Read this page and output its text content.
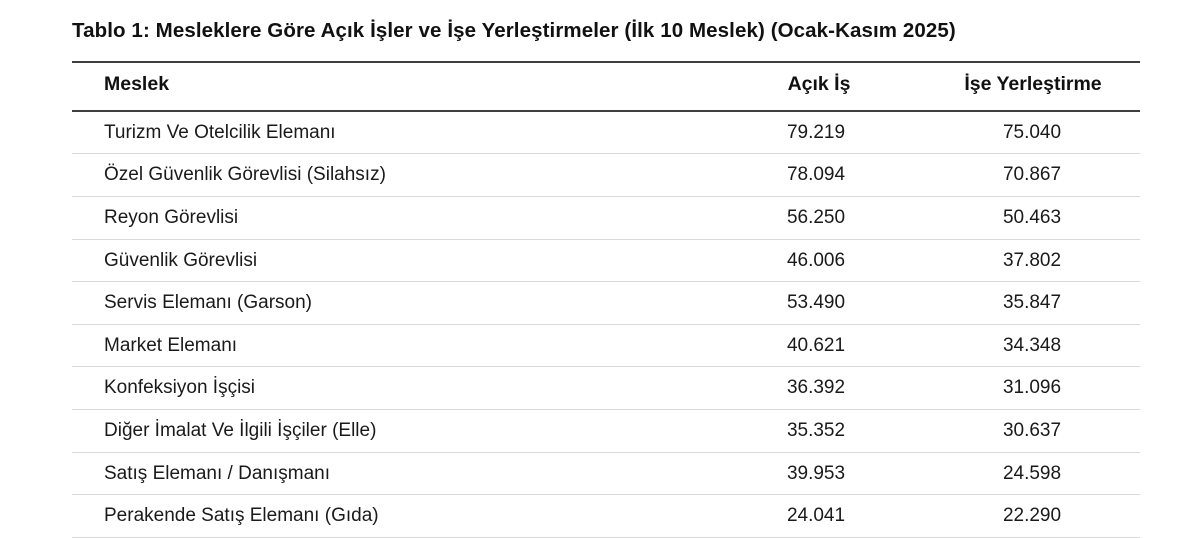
Tablo 1: Mesleklere Göre Açık İşler ve İşe Yerleştirmeler (İlk 10 Meslek) (Ocak-Kasım 2025)
Meslek	Açık İş	İşe Yerleştirme
Turizm Ve Otelcilik Elemanı	79.219	75.040
Özel Güvenlik Görevlisi (Silahsız)	78.094	70.867
Reyon Görevlisi	56.250	50.463
Güvenlik Görevlisi	46.006	37.802
Servis Elemanı (Garson)	53.490	35.847
Market Elemanı	40.621	34.348
Konfeksiyon İşçisi	36.392	31.096
Diğer İmalat Ve İlgili İşçiler (Elle)	35.352	30.637
Satış Elemanı / Danışmanı	39.953	24.598
Perakende Satış Elemanı (Gıda)	24.041	22.290
